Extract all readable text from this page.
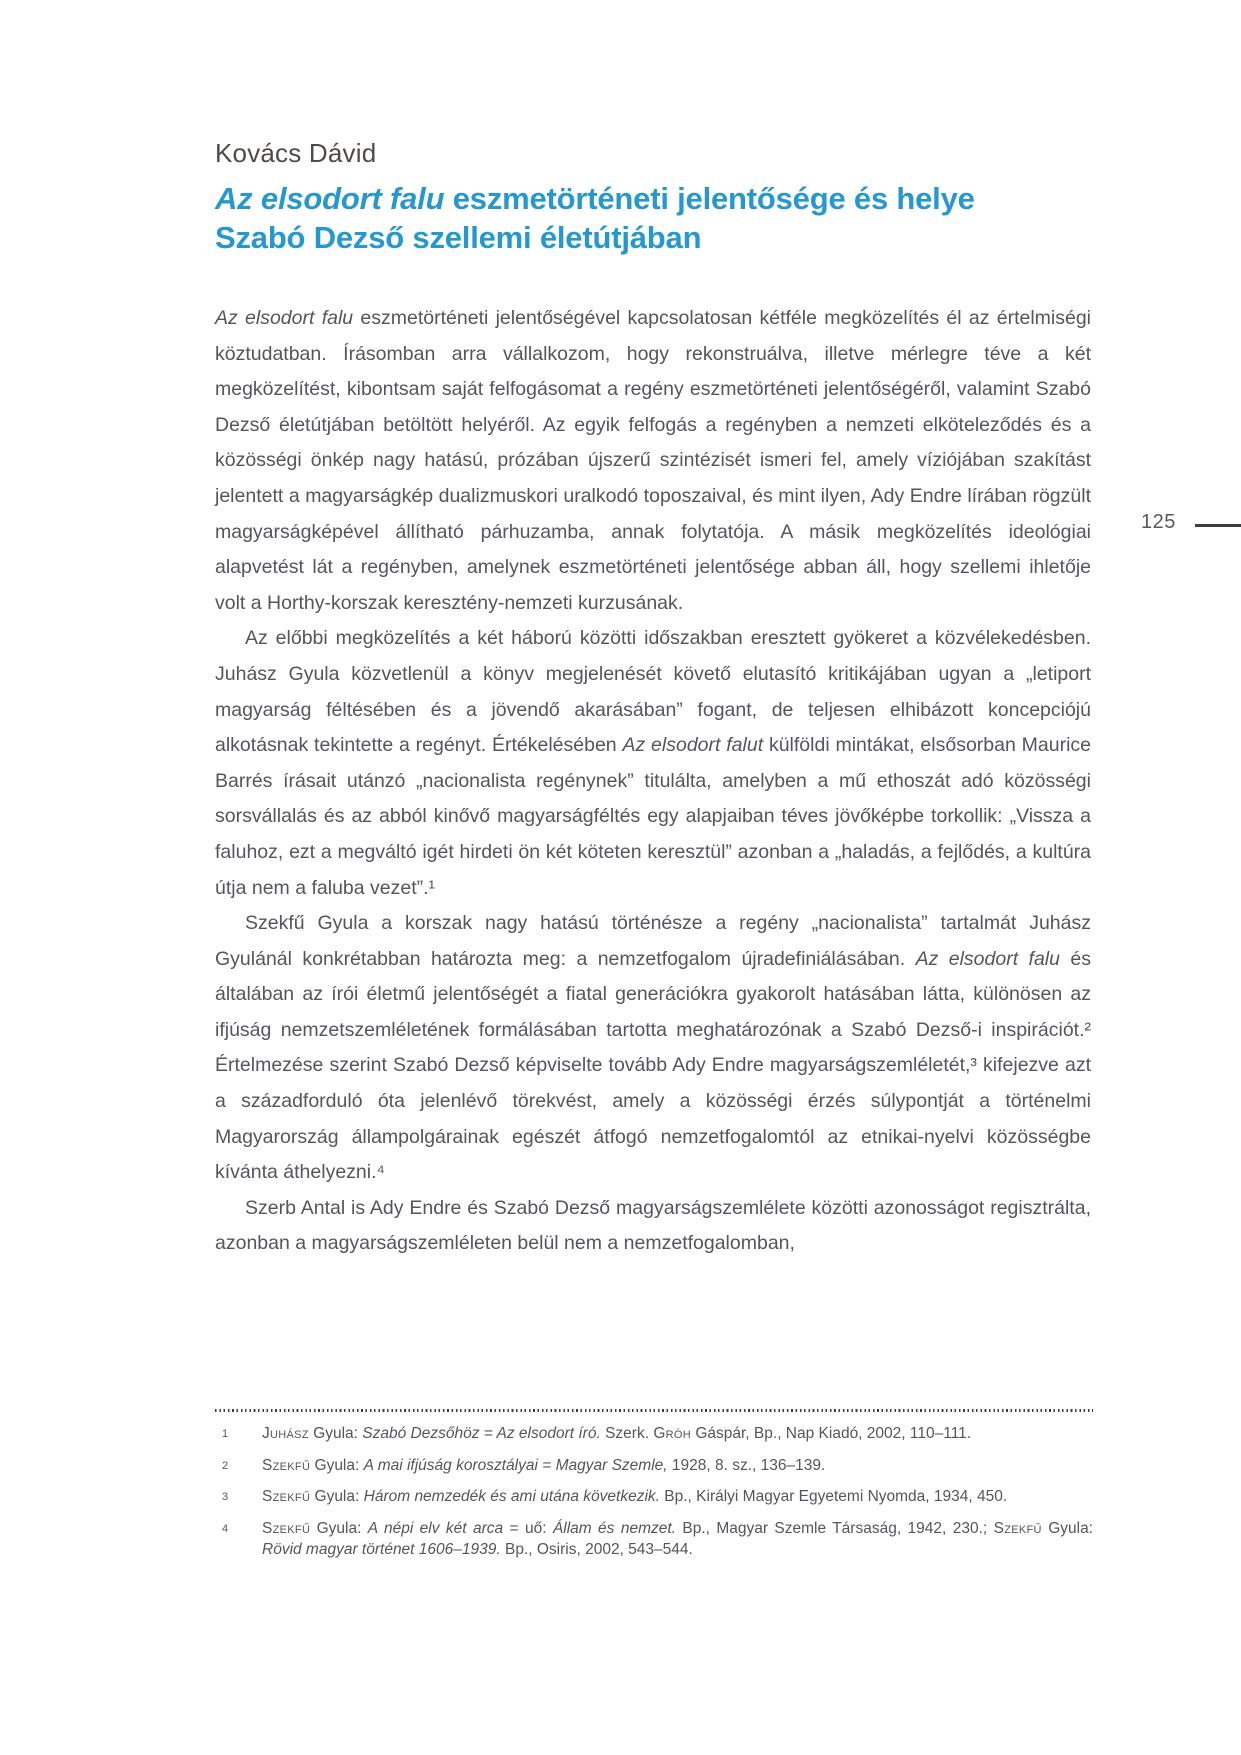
Kovács Dávid
Az elsodort falu eszmetörténeti jelentősége és helye
Szabó Dezső szellemi életútjában
125

Az elsodort falu eszmetörténeti jelentőségével kapcsolatosan kétféle megközelítés él az értelmiségi köztudatban. Írásomban arra vállalkozom, hogy rekonstruálva, illetve mérlegre téve a két megközelítést, kibontsam saját felfogásomat a regény eszmetörténeti jelentőségéről, valamint Szabó Dezső életútjában betöltött helyéről. Az egyik felfogás a regényben a nemzeti elköteleződés és a közösségi önkép nagy hatású, prózában újszerű szintézisét ismeri fel, amely víziójában szakítást jelentett a magyarságkép dualizmuskori uralkodó toposzaival, és mint ilyen, Ady Endre lírában rögzült magyarságképével állítható párhuzamba, annak folytatója. A másik megközelítés ideológiai alapvetést lát a regényben, amelynek eszmetörténeti jelentősége abban áll, hogy szellemi ihletője volt a Horthy-korszak keresztény-nemzeti kurzusának.

Az előbbi megközelítés a két háború közötti időszakban eresztett gyökeret a közvélekedésben. Juhász Gyula közvetlenül a könyv megjelenését követő elutasító kritikájában ugyan a „letiport magyarság féltésében és a jövendő akarásában” fogant, de teljesen elhibázott koncepciójú alkotásnak tekintette a regényt. Értékelésében Az elsodort falut külföldi mintákat, elsősorban Maurice Barrés írásait utánzó „nacionalista regénynek” titulálta, amelyben a mű ethoszát adó közösségi sorsvállalás és az abból kinővő magyarságféltés egy alapjaiban téves jövőképbe torkollik: „Vissza a faluhoz, ezt a megváltó igét hirdeti ön két köteten keresztül” azonban a „haladás, a fejlődés, a kultúra útja nem a faluba vezet”.¹

Szekfű Gyula a korszak nagy hatású történésze a regény „nacionalista” tartalmát Juhász Gyulánál konkrétabban határozta meg: a nemzetfogalom újradefiniálásában. Az elsodort falu és általában az írói életmű jelentőségét a fiatal generációkra gyakorolt hatásában látta, különösen az ifjúság nemzetszemléletének formálásában tartotta meghatározónak a Szabó Dezső-i inspirációt.² Értelmezése szerint Szabó Dezső képviselte tovább Ady Endre magyarságszemléletét,³ kifejezve azt a századforduló óta jelenlévő törekvést, amely a közösségi érzés súlypontját a történelmi Magyarország állampolgárainak egészét átfogó nemzetfogalomtól az etnikai-nyelvi közösségbe kívánta áthelyezni.⁴

Szerb Antal is Ady Endre és Szabó Dezső magyarságszemlélete közötti azonosságot regisztrálta, azonban a magyarságszemléleten belül nem a nemzetfogalomban,

1	Juhász Gyula: Szabó Dezsőhöz = Az elsodort író. Szerk. Gróh Gáspár, Bp., Nap Kiadó, 2002, 110–111.
2	Szekfű Gyula: A mai ifjúság korosztályai = Magyar Szemle, 1928, 8. sz., 136–139.
3	Szekfű Gyula: Három nemzedék és ami utána következik. Bp., Királyi Magyar Egyetemi Nyomda, 1934, 450.
4	Szekfű Gyula: A népi elv két arca = uő: Állam és nemzet. Bp., Magyar Szemle Társaság, 1942, 230.; Szekfű Gyula: Rövid magyar történet 1606–1939. Bp., Osiris, 2002, 543–544.
